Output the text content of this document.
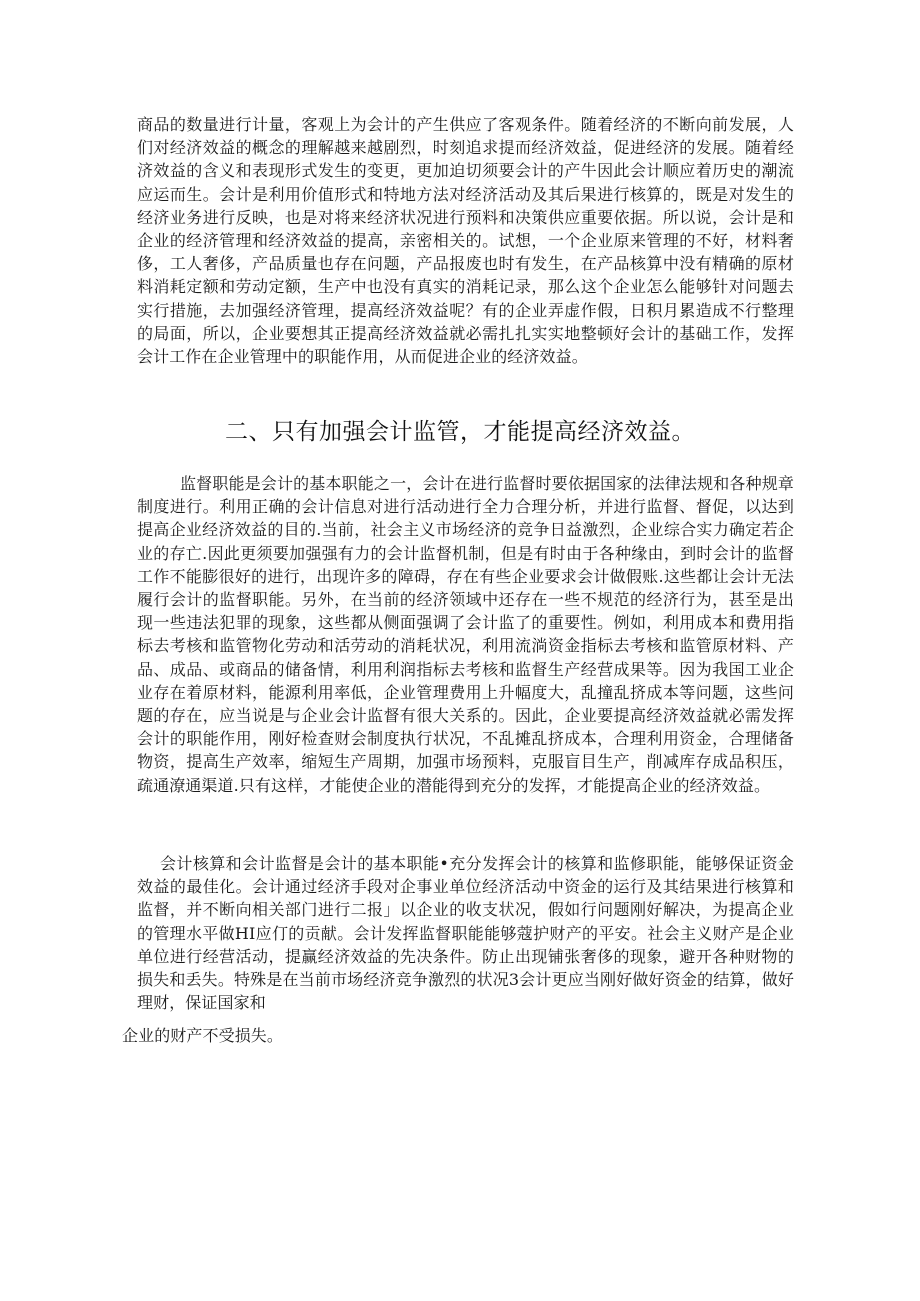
商品的数量进行计量，客观上为会计的产生供应了客观条件。随着经济的不断向前发展，人们对经济效益的概念的理解越来越剧烈，时刻追求提而经济效益，促进经济的发展。随着经济效益的含义和表现形式发生的变更，更加迫切须要会计的产牛因此会计顺应着历史的潮流应运而生。会计是利用价值形式和特地方法对经济活动及其后果进行核算的，既是对发生的经济业务进行反映，也是对将来经济状况进行预料和决策供应重要依据。所以说，会计是和企业的经济管理和经济效益的提高，亲密相关的。试想，一个企业原来管理的不好，材料奢侈，工人奢侈，产品质量也存在问题，产品报废也时有发生，在产品核算中没有精确的原材料消耗定额和劳动定额，生产中也没有真实的消耗记录，那么这个企业怎么能够针对问题去实行措施，去加强经济管理，提高经济效益呢？有的企业弄虚作假，日积月累造成不行整理的局面，所以，企业要想其正提高经济效益就必需扎扎实实地整顿好会计的基础工作，发挥会计工作在企业管理中的职能作用，从而促进企业的经济效益。

二、只有加强会计监管，才能提高经济效益。

监督职能是会计的基本职能之一，会计在进行监督时要依据国家的法律法规和各种规章制度进行。利用正确的会计信息对进行活动进行全力合理分析，并进行监督、督促，以达到提高企业经济效益的目的.当前，社会主义市场经济的竞争日益激烈，企业综合实力确定若企业的存亡.因此更须要加强强有力的会计监督机制，但是有时由于各种缘由，到时会计的监督工作不能膨很好的进行，出现许多的障碍，存在有些企业要求会计做假账.这些都让会计无法履行会计的监督职能。另外，在当前的经济领域中还存在一些不规范的经济行为，甚至是出现一些违法犯罪的现象，这些都从侧面强调了会计监了的重要性。例如，利用成本和费用指标去考核和监管物化劳动和活劳动的消耗状况，利用流淌资金指标去考核和监管原材料、产品、成品、或商品的储备情，利用利润指标去考核和监督生产经营成果等。因为我国工业企业存在着原材料，能源利用率低，企业管理费用上升幅度大，乱撞乱挤成本等问题，这些问题的存在，应当说是与企业会计监督有很大关系的。因此，企业要提高经济效益就必需发挥会计的职能作用，刚好检查财会制度执行状况，不乱摊乱挤成本，合理利用资金，合理储备物资，提高生产效率，缩短生产周期，加强市场预料，克服盲目生产，削减库存成品积压，疏通潦通渠道.只有这样，才能使企业的潜能得到充分的发挥，才能提高企业的经济效益。

会计核算和会计监督是会计的基本职能•充分发挥会计的核算和监修职能，能够保证资金效益的最佳化。会计通过经济手段对企事业单位经济活动中资金的运行及其结果进行核算和监督，并不断向相关部门进行二报」以企业的收支状况，假如行问题刚好解决，为提高企业的管理水平做HI应仃的贡献。会计发挥监督职能能够蔻护财产的平安。社会主义财产是企业单位进行经营活动，提赢经济效益的先决条件。防止出现铺张奢侈的现象，避开各种财物的损失和丢失。特殊是在当前市场经济竞争激烈的状况3会计更应当刚好做好资金的结算，做好理财，保证国家和

企业的财产不受损失。
